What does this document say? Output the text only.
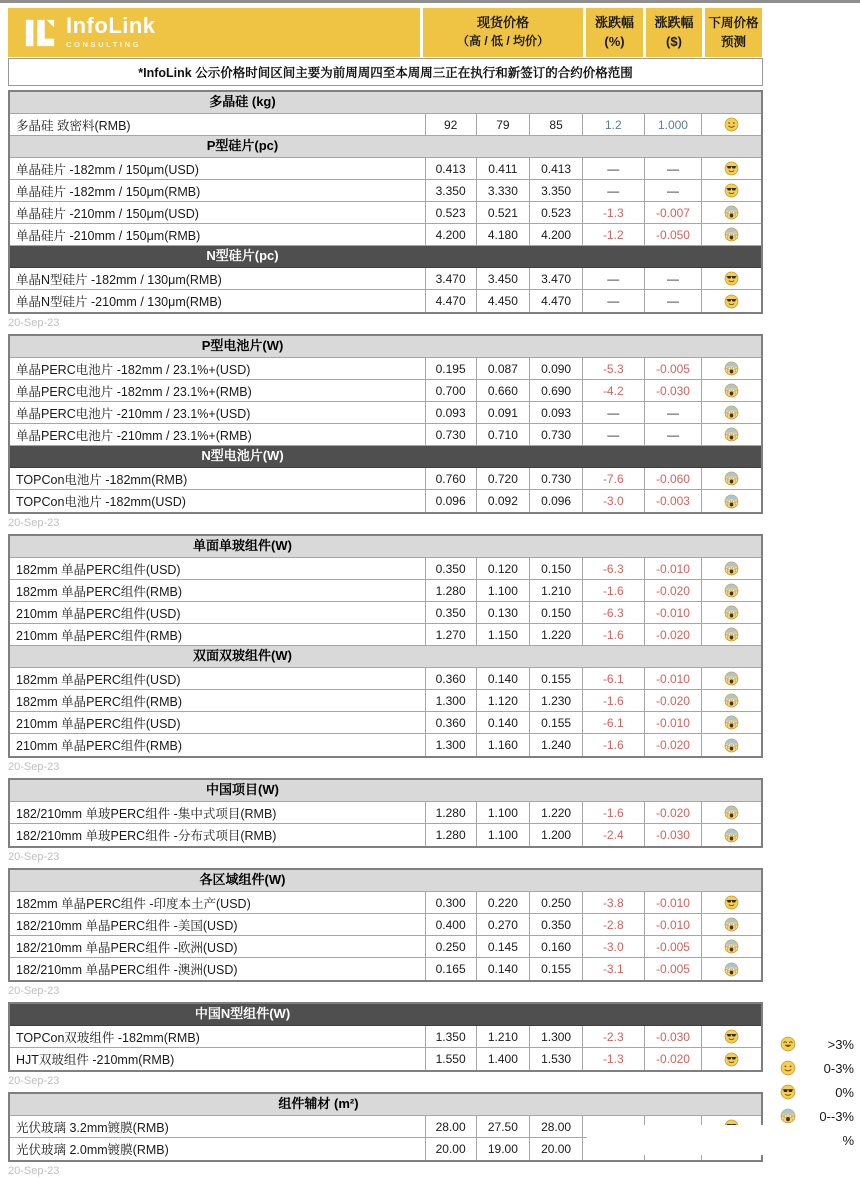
InfoLink
CONSULTING
现货价格
（高 / 低 / 均价）
涨跌幅
(%)
涨跌幅
($)
下周价格
预测
*InfoLink 公示价格时间区间主要为前周周四至本周周三正在执行和新签订的合约价格范围
多晶硅 (kg)
多晶硅 致密料(RMB)	92	79	85	1.2	1.000
P型硅片(pc)
单晶硅片 -182mm / 150μm(USD)	0.413	0.411	0.413	—	—
单晶硅片 -182mm / 150μm(RMB)	3.350	3.330	3.350	—	—
单晶硅片 -210mm / 150μm(USD)	0.523	0.521	0.523	-1.3	-0.007
单晶硅片 -210mm / 150μm(RMB)	4.200	4.180	4.200	-1.2	-0.050
N型硅片(pc)
单晶N型硅片 -182mm / 130μm(RMB)	3.470	3.450	3.470	—	—
单晶N型硅片 -210mm / 130μm(RMB)	4.470	4.450	4.470	—	—
20-Sep-23
P型电池片(W)
单晶PERC电池片 -182mm / 23.1%+(USD)	0.195	0.087	0.090	-5.3	-0.005
单晶PERC电池片 -182mm / 23.1%+(RMB)	0.700	0.660	0.690	-4.2	-0.030
单晶PERC电池片 -210mm / 23.1%+(USD)	0.093	0.091	0.093	—	—
单晶PERC电池片 -210mm / 23.1%+(RMB)	0.730	0.710	0.730	—	—
N型电池片(W)
TOPCon电池片 -182mm(RMB)	0.760	0.720	0.730	-7.6	-0.060
TOPCon电池片 -182mm(USD)	0.096	0.092	0.096	-3.0	-0.003
20-Sep-23
单面单玻组件(W)
182mm 单晶PERC组件(USD)	0.350	0.120	0.150	-6.3	-0.010
182mm 单晶PERC组件(RMB)	1.280	1.100	1.210	-1.6	-0.020
210mm 单晶PERC组件(USD)	0.350	0.130	0.150	-6.3	-0.010
210mm 单晶PERC组件(RMB)	1.270	1.150	1.220	-1.6	-0.020
双面双玻组件(W)
182mm 单晶PERC组件(USD)	0.360	0.140	0.155	-6.1	-0.010
182mm 单晶PERC组件(RMB)	1.300	1.120	1.230	-1.6	-0.020
210mm 单晶PERC组件(USD)	0.360	0.140	0.155	-6.1	-0.010
210mm 单晶PERC组件(RMB)	1.300	1.160	1.240	-1.6	-0.020
20-Sep-23
中国项目(W)
182/210mm 单玻PERC组件 -集中式项目(RMB)	1.280	1.100	1.220	-1.6	-0.020
182/210mm 单玻PERC组件 -分布式项目(RMB)	1.280	1.100	1.200	-2.4	-0.030
20-Sep-23
各区域组件(W)
182mm 单晶PERC组件 -印度本土产(USD)	0.300	0.220	0.250	-3.8	-0.010
182/210mm 单晶PERC组件 -美国(USD)	0.400	0.270	0.350	-2.8	-0.010
182/210mm 单晶PERC组件 -欧洲(USD)	0.250	0.145	0.160	-3.0	-0.005
182/210mm 单晶PERC组件 -澳洲(USD)	0.165	0.140	0.155	-3.1	-0.005
20-Sep-23
中国N型组件(W)
TOPCon双玻组件 -182mm(RMB)	1.350	1.210	1.300	-2.3	-0.030
HJT双玻组件 -210mm(RMB)	1.550	1.400	1.530	-1.3	-0.020
20-Sep-23
组件辅材 (m²)
光伏玻璃 3.2mm镀膜(RMB)	28.00	27.50	28.00
光伏玻璃 2.0mm镀膜(RMB)	20.00	19.00	20.00
20-Sep-23
>3%
0-3%
0%
0--3%
%
